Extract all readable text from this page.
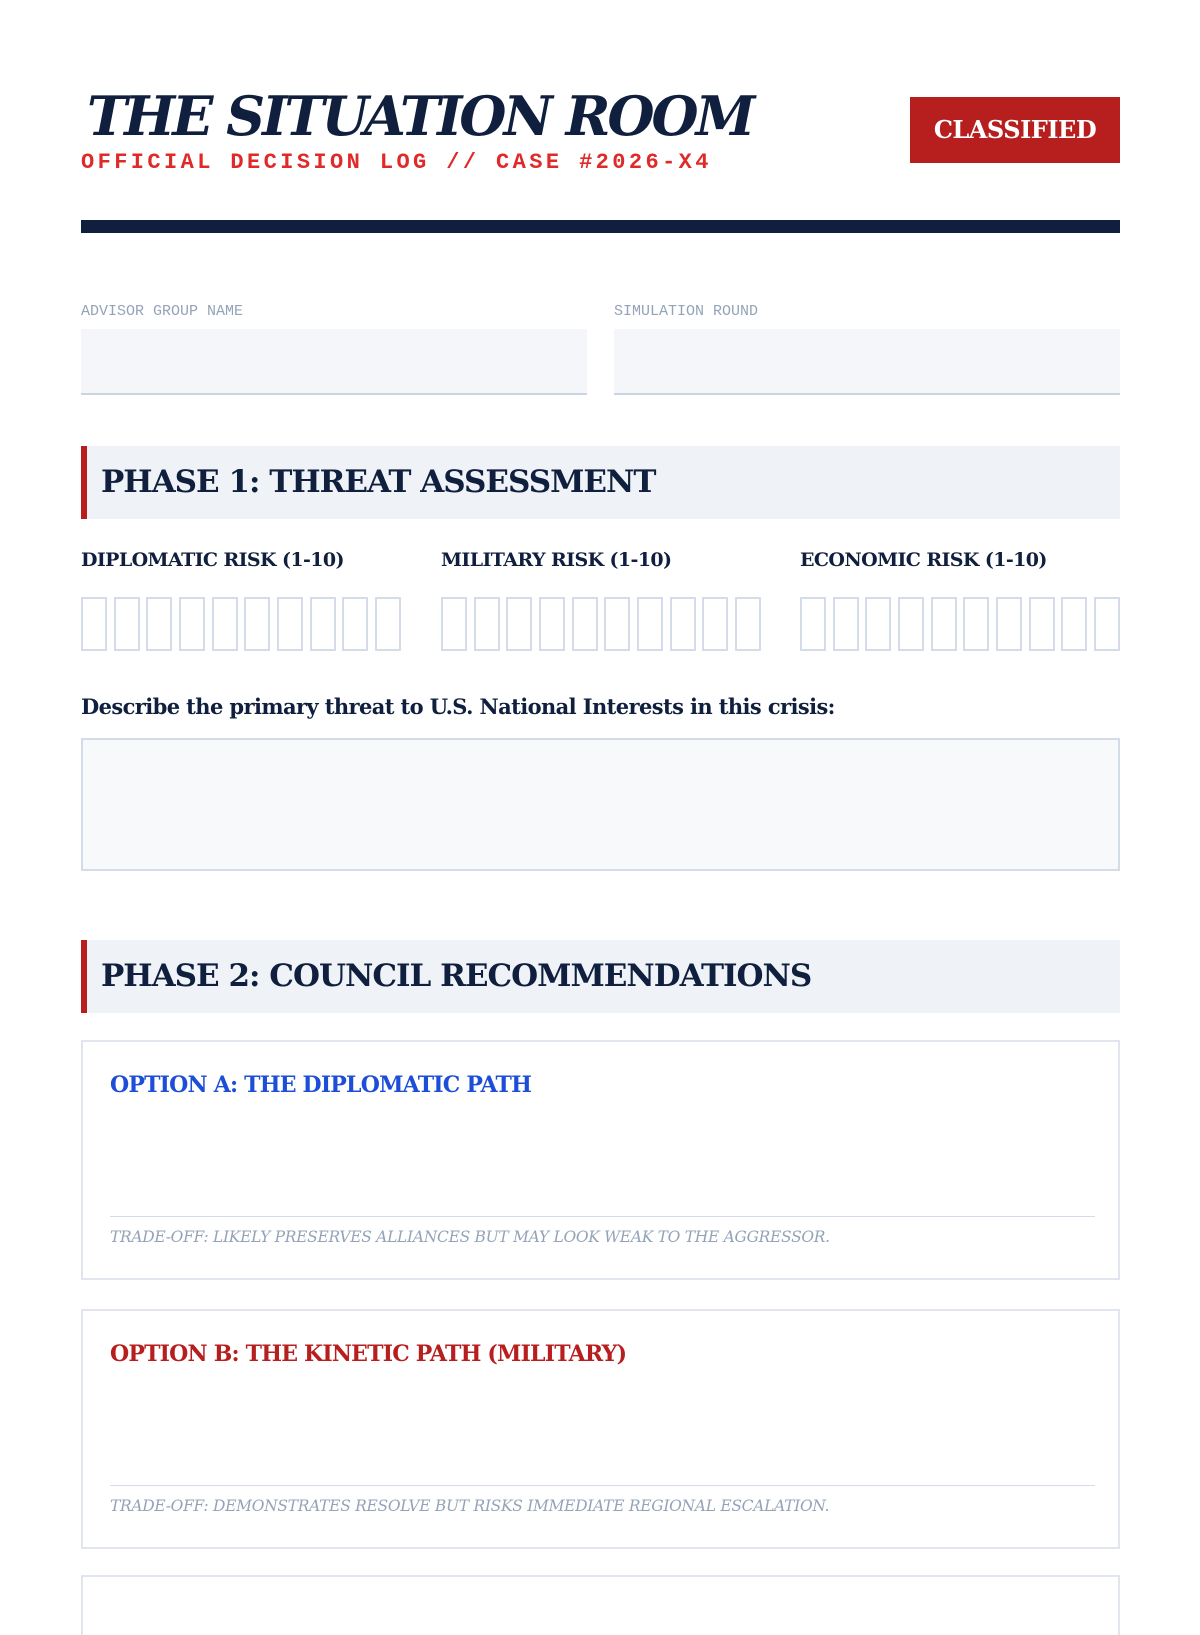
THE SITUATION ROOM
OFFICIAL DECISION LOG // CASE #2026-X4
CLASSIFIED
ADVISOR GROUP NAME	SIMULATION ROUND
PHASE 1: THREAT ASSESSMENT
DIPLOMATIC RISK (1-10)	MILITARY RISK (1-10)	ECONOMIC RISK (1-10)
Describe the primary threat to U.S. National Interests in this crisis:
PHASE 2: COUNCIL RECOMMENDATIONS
OPTION A: THE DIPLOMATIC PATH
TRADE-OFF: LIKELY PRESERVES ALLIANCES BUT MAY LOOK WEAK TO THE AGGRESSOR.
OPTION B: THE KINETIC PATH (MILITARY)
TRADE-OFF: DEMONSTRATES RESOLVE BUT RISKS IMMEDIATE REGIONAL ESCALATION.
